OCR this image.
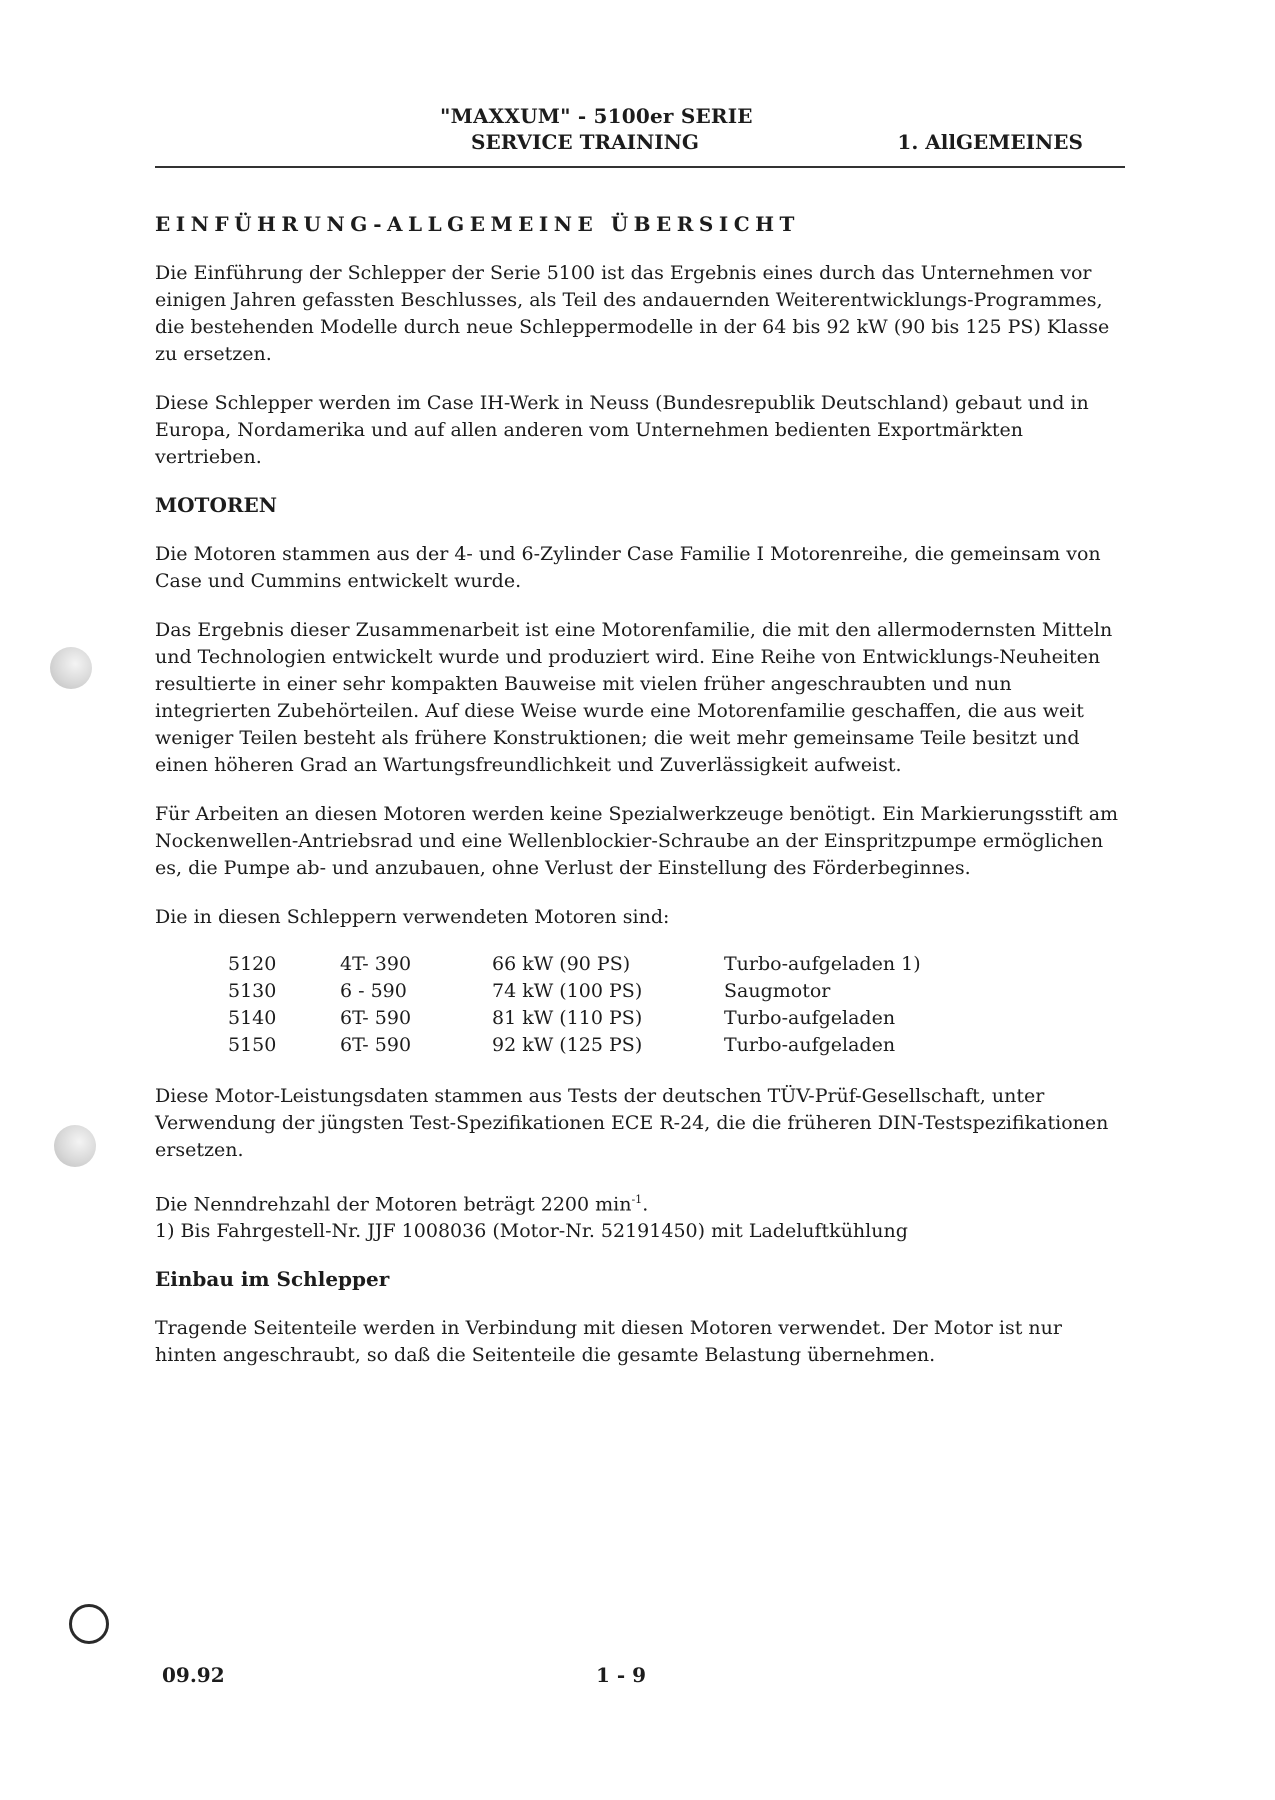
"MAXXUM" - 5100er SERIE
SERVICE TRAINING	1. AllGEMEINES
EINFÜHRUNG-ALLGEMEINE ÜBERSICHT

Die Einführung der Schlepper der Serie 5100 ist das Ergebnis eines durch das Unternehmen vor einigen Jahren gefassten Beschlusses, als Teil des andauernden Weiterentwicklungs-Programmes, die bestehenden Modelle durch neue Schleppermodelle in der 64 bis 92 kW (90 bis 125 PS) Klasse zu ersetzen.

Diese Schlepper werden im Case IH-Werk in Neuss (Bundesrepublik Deutschland) gebaut und in Europa, Nordamerika und auf allen anderen vom Unternehmen bedienten Exportmärkten vertrieben.

MOTOREN

Die Motoren stammen aus der 4- und 6-Zylinder Case Familie I Motorenreihe, die gemeinsam von Case und Cummins entwickelt wurde.

Das Ergebnis dieser Zusammenarbeit ist eine Motorenfamilie, die mit den allermodernsten Mitteln und Technologien entwickelt wurde und produziert wird. Eine Reihe von Entwicklungs-Neuheiten resultierte in einer sehr kompakten Bauweise mit vielen früher angeschraubten und nun integrierten Zubehörteilen. Auf diese Weise wurde eine Motorenfamilie geschaffen, die aus weit weniger Teilen besteht als frühere Konstruktionen; die weit mehr gemeinsame Teile besitzt und einen höheren Grad an Wartungsfreundlichkeit und Zuverlässigkeit aufweist.

Für Arbeiten an diesen Motoren werden keine Spezialwerkzeuge benötigt. Ein Markierungsstift am Nockenwellen-Antriebsrad und eine Wellenblockier-Schraube an der Einspritzpumpe ermöglichen es, die Pumpe ab- und anzubauen, ohne Verlust der Einstellung des Förderbeginnes.

Die in diesen Schleppern verwendeten Motoren sind:

5120	4T- 390	66 kW (90 PS)	Turbo-aufgeladen 1)
5130	6 - 590	74 kW (100 PS)	Saugmotor
5140	6T- 590	81 kW (110 PS)	Turbo-aufgeladen
5150	6T- 590	92 kW (125 PS)	Turbo-aufgeladen

Diese Motor-Leistungsdaten stammen aus Tests der deutschen TÜV-Prüf-Gesellschaft, unter Verwendung der jüngsten Test-Spezifikationen ECE R-24, die die früheren DIN-Testspezifikationen ersetzen.

Die Nenndrehzahl der Motoren beträgt 2200 $\min^{-1}$.
1) Bis Fahrgestell-Nr. JJF 1008036 (Motor-Nr. 52191450) mit Ladeluftkühlung
Einbau im Schlepper

Tragende Seitenteile werden in Verbindung mit diesen Motoren verwendet. Der Motor ist nur hinten angeschraubt, so daß die Seitenteile die gesamte Belastung übernehmen.

09.92	1 - 9
